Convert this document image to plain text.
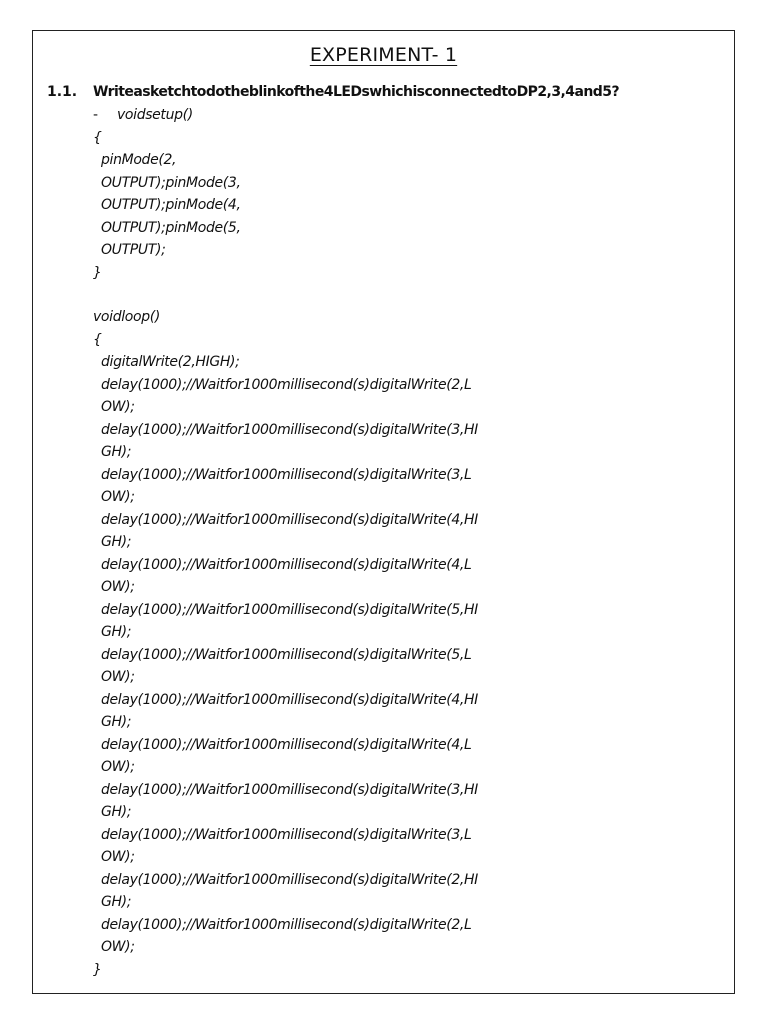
EXPERIMENT- 1
1.1. Writeasketchtodotheblinkofthe4LEDswhichisconnectedtoDP2,3,4and5?
- voidsetup()
{
pinMode(2,
OUTPUT);pinMode(3,
OUTPUT);pinMode(4,
OUTPUT);pinMode(5,
OUTPUT);
}
voidloop()
{
digitalWrite(2,HIGH);
delay(1000);//Waitfor1000millisecond(s)digitalWrite(2,L
OW);
delay(1000);//Waitfor1000millisecond(s)digitalWrite(3,HI
GH);
delay(1000);//Waitfor1000millisecond(s)digitalWrite(3,L
OW);
delay(1000);//Waitfor1000millisecond(s)digitalWrite(4,HI
GH);
delay(1000);//Waitfor1000millisecond(s)digitalWrite(4,L
OW);
delay(1000);//Waitfor1000millisecond(s)digitalWrite(5,HI
GH);
delay(1000);//Waitfor1000millisecond(s)digitalWrite(5,L
OW);
delay(1000);//Waitfor1000millisecond(s)digitalWrite(4,HI
GH);
delay(1000);//Waitfor1000millisecond(s)digitalWrite(4,L
OW);
delay(1000);//Waitfor1000millisecond(s)digitalWrite(3,HI
GH);
delay(1000);//Waitfor1000millisecond(s)digitalWrite(3,L
OW);
delay(1000);//Waitfor1000millisecond(s)digitalWrite(2,HI
GH);
delay(1000);//Waitfor1000millisecond(s)digitalWrite(2,L
OW);
}
